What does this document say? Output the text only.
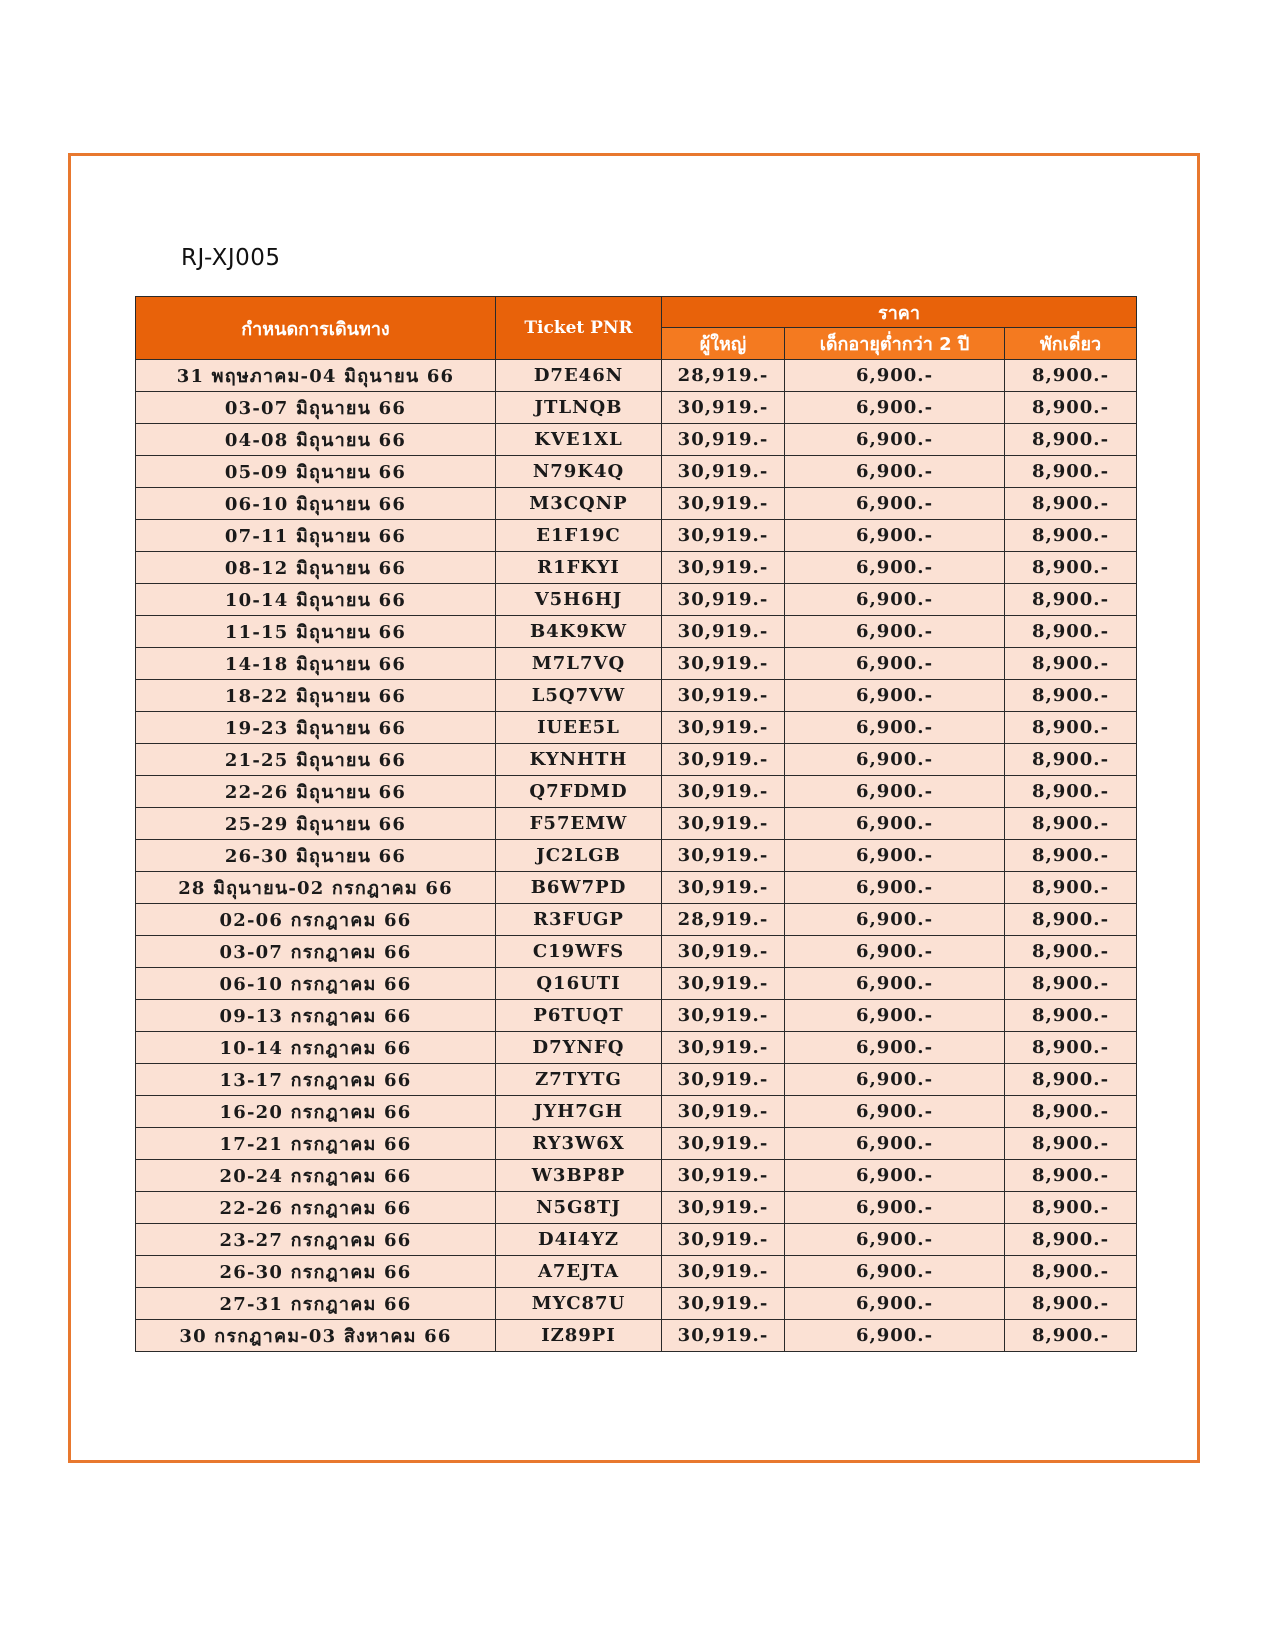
RJ-XJ005
กำหนดการเดินทาง	Ticket PNR	ราคา		
		ผู้ใหญ่	เด็กอายุต่ำกว่า 2 ปี	พักเดี่ยว
31 พฤษภาคม-04 มิถุนายน 66	D7E46N	28,919.-	6,900.-	8,900.-
03-07 มิถุนายน 66	JTLNQB	30,919.-	6,900.-	8,900.-
04-08 มิถุนายน 66	KVE1XL	30,919.-	6,900.-	8,900.-
05-09 มิถุนายน 66	N79K4Q	30,919.-	6,900.-	8,900.-
06-10 มิถุนายน 66	M3CQNP	30,919.-	6,900.-	8,900.-
07-11 มิถุนายน 66	E1F19C	30,919.-	6,900.-	8,900.-
08-12 มิถุนายน 66	R1FKYI	30,919.-	6,900.-	8,900.-
10-14 มิถุนายน 66	V5H6HJ	30,919.-	6,900.-	8,900.-
11-15 มิถุนายน 66	B4K9KW	30,919.-	6,900.-	8,900.-
14-18 มิถุนายน 66	M7L7VQ	30,919.-	6,900.-	8,900.-
18-22 มิถุนายน 66	L5Q7VW	30,919.-	6,900.-	8,900.-
19-23 มิถุนายน 66	IUEE5L	30,919.-	6,900.-	8,900.-
21-25 มิถุนายน 66	KYNHTH	30,919.-	6,900.-	8,900.-
22-26 มิถุนายน 66	Q7FDMD	30,919.-	6,900.-	8,900.-
25-29 มิถุนายน 66	F57EMW	30,919.-	6,900.-	8,900.-
26-30 มิถุนายน 66	JC2LGB	30,919.-	6,900.-	8,900.-
28 มิถุนายน-02 กรกฎาคม 66	B6W7PD	30,919.-	6,900.-	8,900.-
02-06 กรกฎาคม 66	R3FUGP	28,919.-	6,900.-	8,900.-
03-07 กรกฎาคม 66	C19WFS	30,919.-	6,900.-	8,900.-
06-10 กรกฎาคม 66	Q16UTI	30,919.-	6,900.-	8,900.-
09-13 กรกฎาคม 66	P6TUQT	30,919.-	6,900.-	8,900.-
10-14 กรกฎาคม 66	D7YNFQ	30,919.-	6,900.-	8,900.-
13-17 กรกฎาคม 66	Z7TYTG	30,919.-	6,900.-	8,900.-
16-20 กรกฎาคม 66	JYH7GH	30,919.-	6,900.-	8,900.-
17-21 กรกฎาคม 66	RY3W6X	30,919.-	6,900.-	8,900.-
20-24 กรกฎาคม 66	W3BP8P	30,919.-	6,900.-	8,900.-
22-26 กรกฎาคม 66	N5G8TJ	30,919.-	6,900.-	8,900.-
23-27 กรกฎาคม 66	D4I4YZ	30,919.-	6,900.-	8,900.-
26-30 กรกฎาคม 66	A7EJTA	30,919.-	6,900.-	8,900.-
27-31 กรกฎาคม 66	MYC87U	30,919.-	6,900.-	8,900.-
30 กรกฎาคม-03 สิงหาคม 66	IZ89PI	30,919.-	6,900.-	8,900.-
